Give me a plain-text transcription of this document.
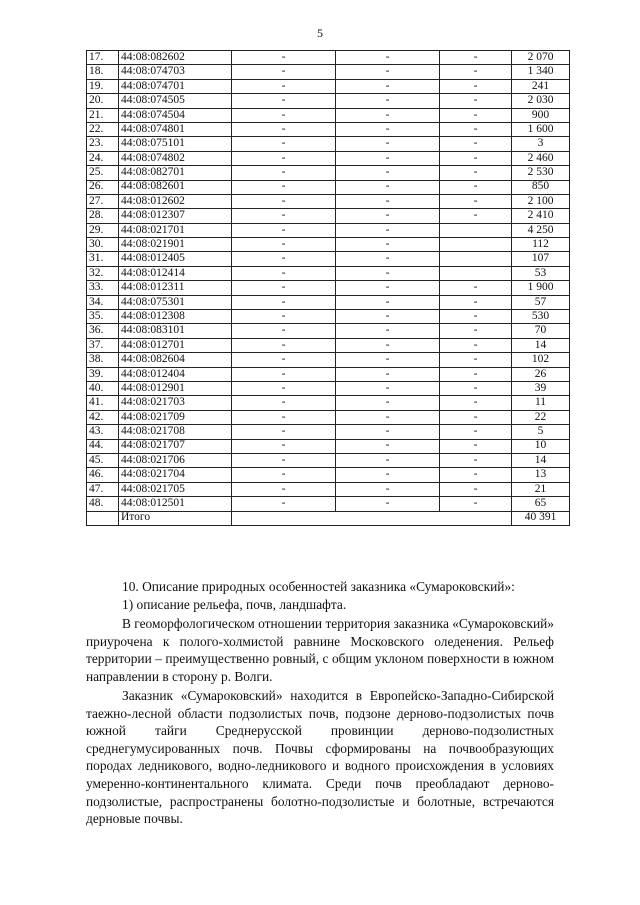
5
17.	44:08:082602	-	-	-	2 070
18.	44:08:074703	-	-	-	1 340
19.	44:08:074701	-	-	-	241
20.	44:08:074505	-	-	-	2 030
21.	44:08:074504	-	-	-	900
22.	44:08:074801	-	-	-	1 600
23.	44:08:075101	-	-	-	3
24.	44:08:074802	-	-	-	2 460
25.	44:08:082701	-	-	-	2 530
26.	44:08:082601	-	-	-	850
27.	44:08:012602	-	-	-	2 100
28.	44:08:012307	-	-	-	2 410
29.	44:08:021701	-	-		4 250
30.	44:08:021901	-	-		112
31.	44:08:012405	-	-		107
32.	44:08:012414	-	-		53
33.	44:08:012311	-	-	-	1 900
34.	44:08:075301	-	-	-	57
35.	44:08:012308	-	-	-	530
36.	44:08:083101	-	-	-	70
37.	44:08:012701	-	-	-	14
38.	44:08:082604	-	-	-	102
39.	44:08:012404	-	-	-	26
40.	44:08:012901	-	-	-	39
41.	44:08:021703	-	-	-	11
42.	44:08:021709	-	-	-	22
43.	44:08:021708	-	-	-	5
44.	44:08:021707	-	-	-	10
45.	44:08:021706	-	-	-	14
46.	44:08:021704	-	-	-	13
47.	44:08:021705	-	-	-	21
48.	44:08:012501	-	-	-	65
	Итого				40 391
10. Описание природных особенностей заказника «Сумароковский»:
1) описание рельефа, почв, ландшафта.
В геоморфологическом отношении территория заказника «Сумароковский» приурочена к полого-холмистой равнине Московского оледенения. Рельеф территории – преимущественно ровный, с общим уклоном поверхности в южном направлении в сторону р. Волги.
Заказник «Сумароковский» находится в Европейско-Западно-Сибирской таежно-лесной области подзолистых почв, подзоне дерново-подзолистых почв южной тайги Среднерусской провинции дерново-подзолистных среднегумусированных почв. Почвы сформированы на почвообразующих породах ледникового, водно-ледникового и водного происхождения в условиях умеренно-континентального климата. Среди почв преобладают дерново-подзолистые, распространены болотно-подзолистые и болотные, встречаются дерновые почвы.
